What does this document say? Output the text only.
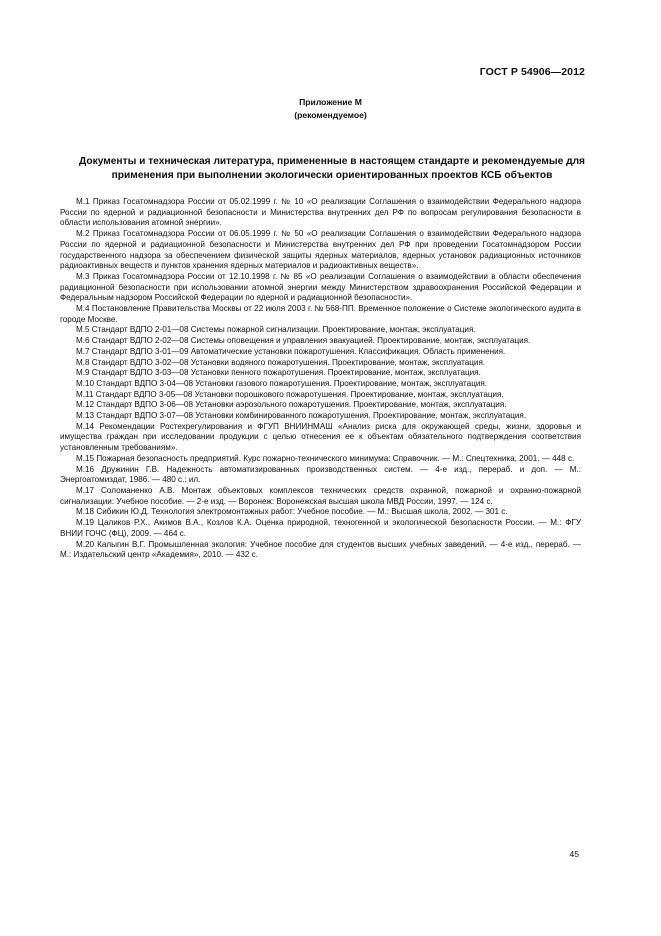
ГОСТ Р 54906—2012
Приложение М
(рекомендуемое)
Документы и техническая литература, примененные в настоящем стандарте и рекомендуемые для применения при выполнении экологически ориентированных проектов КСБ объектов

М.1 Приказ Госатомнадзора России от 05.02.1999 г. № 10 «О реализации Соглашения о взаимодействии Федерального надзора России по ядерной и радиационной безопасности и Министерства внутренних дел РФ по вопросам регулирования безопасности в области использования атомной энергии».

М.2 Приказ Госатомнадзора России от 06.05.1999 г. № 50 «О реализации Соглашения о взаимодействии Федерального надзора России по ядерной и радиационной безопасности и Министерства внутренних дел РФ при проведении Госатомнадзором России государственного надзора за обеспечением физической защиты ядерных материалов, ядерных установок радиационных источников радиоактивных веществ и пунктов хранения ядерных материалов и радиоактивных веществ».

М.3 Приказ Госатомнадзора России от 12.10.1998 г. № 85 «О реализации Соглашения о взаимодействии в области обеспечения радиационной безопасности при использовании атомной энергии между Министерством здравоохранения Российской Федерации и Федеральным надзором Российской Федерации по ядерной и радиационной безопасности».

М.4 Постановление Правительства Москвы от 22 июля 2003 г. № 568-ПП. Временное положение о Системе экологического аудита в городе Москве.

М.5 Стандарт ВДПО 2-01—08 Системы пожарной сигнализации. Проектирование, монтаж, эксплуатация.

М.6 Стандарт ВДПО 2-02—08 Системы оповещения и управления эвакуацией. Проектирование, монтаж, эксплуатация.

М.7 Стандарт ВДПО 3-01—09 Автоматические установки пожаротушения. Классификация. Область применения.

М.8 Стандарт ВДПО 3-02—08 Установки водяного пожаротушения. Проектирование, монтаж, эксплуатация.

М.9 Стандарт ВДПО 3-03—08 Установки пенного пожаротушения. Проектирование, монтаж, эксплуатация.

М.10 Стандарт ВДПО 3-04—08 Установки газового пожаротушения. Проектирование, монтаж, эксплуатация.

М.11 Стандарт ВДПО 3-05—08 Установки порошкового пожаротушения. Проектирование, монтаж, эксплуатация.

М.12 Стандарт ВДПО 3-06—08 Установки аэрозольного пожаротушения. Проектирование, монтаж, эксплуатация.

М.13 Стандарт ВДПО 3-07—08 Установки комбинированного пожаротушения. Проектирование, монтаж, эксплуатация.

М.14 Рекомендации Ростехрегулирования и ФГУП ВНИИНМАШ «Анализ риска для окружающей среды, жизни, здоровья и имущества граждан при исследовании продукции с целью отнесения ее к объектам обязательного подтверждения соответствия установленным требованиям».

М.15 Пожарная безопасность предприятий. Курс пожарно-технического минимума: Справочник. — М.: Спецтехника, 2001. — 448 с.

М.16 Дружинин Г.В. Надежность автоматизированных производственных систем. — 4-е изд., перераб. и доп. — М.: Энергоатомиздат, 1986. — 480 с.: ил.

М.17 Соломаненко А.В. Монтаж объектовых комплексов технических средств охранной, пожарной и охранно-пожарной сигнализации: Учебное пособие. — 2-е изд. — Воронеж: Воронежская высшая школа МВД России, 1997. — 124 с.

М.18 Сибикин Ю.Д. Технология электромонтажных работ: Учебное пособие. — М.: Высшая школа, 2002. — 301 с.

М.19 Цаликов Р.Х., Акимов В.А., Козлов К.А. Оценка природной, техногенной и экологической безопасности России. — М.: ФГУ ВНИИ ГОЧС (ФЦ), 2009. — 464 с.

М.20 Калыгин В.Г. Промышленная экология: Учебное пособие для студентов высших учебных заведений. — 4-е изд., перераб. — М.: Издательский центр «Академия», 2010. — 432 с.

45
